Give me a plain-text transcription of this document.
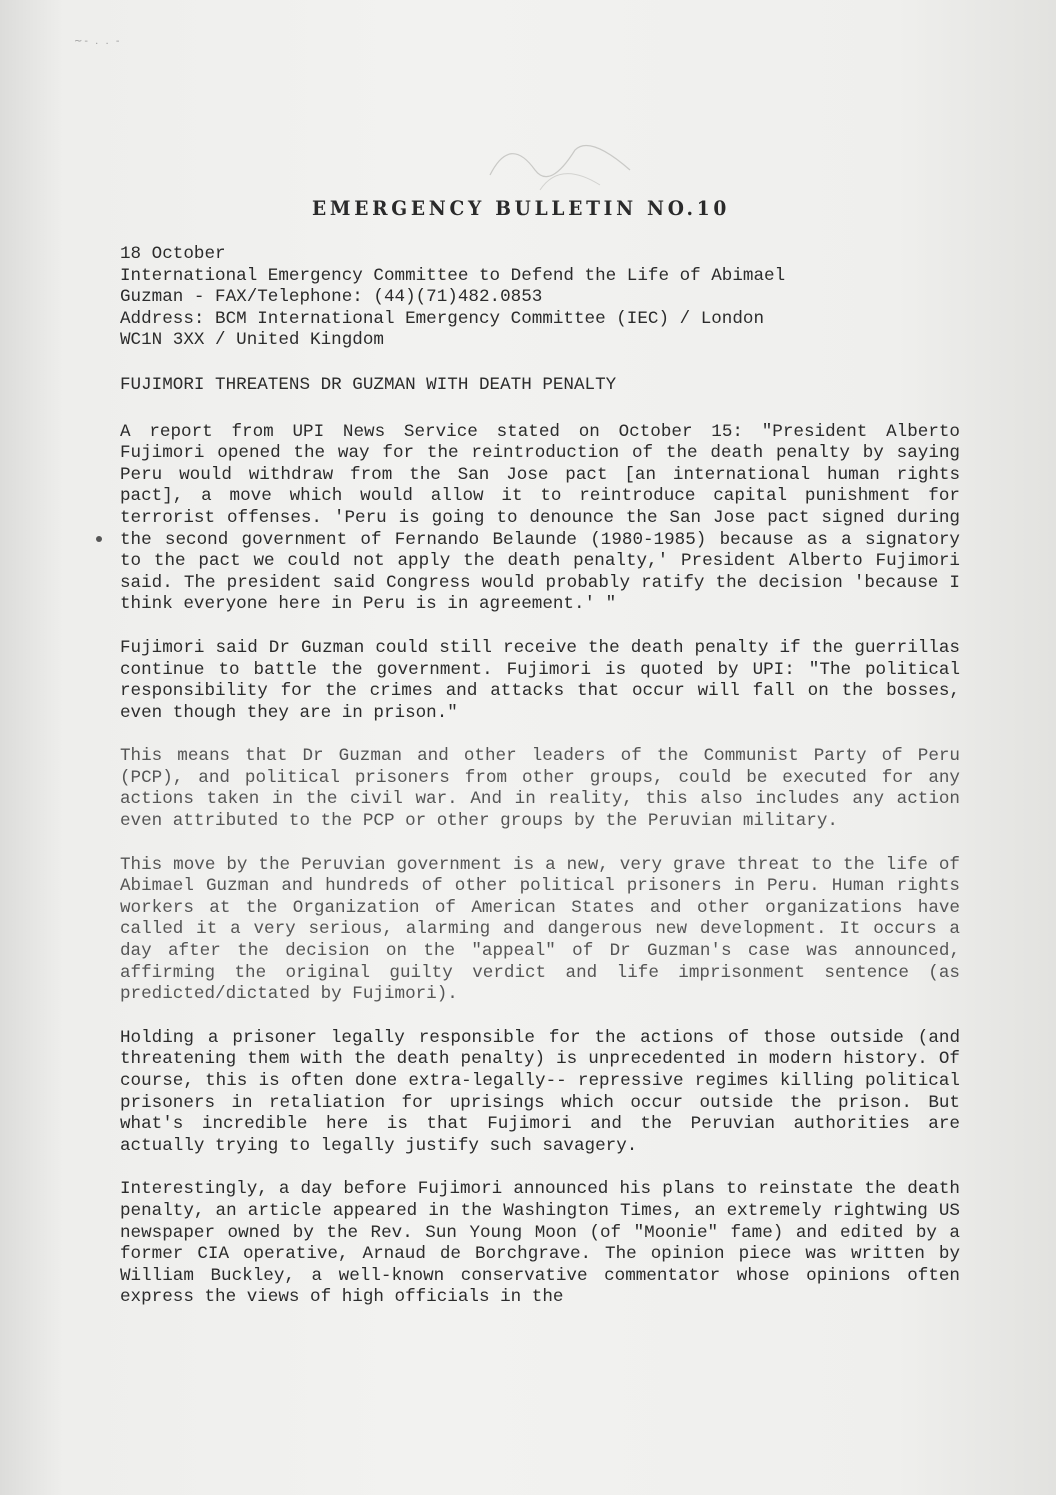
~- . . -
EMERGENCY BULLETIN NO.10
18 October
International Emergency Committee to Defend the Life of Abimael
Guzman - FAX/Telephone: (44)(71)482.0853
Address: BCM International Emergency Committee (IEC) / London
WC1N 3XX / United Kingdom
FUJIMORI THREATENS DR GUZMAN WITH DEATH PENALTY

A report from UPI News Service stated on October 15: "President Alberto Fujimori opened the way for the reintroduction of the death penalty by saying Peru would withdraw from the San Jose pact [an international human rights pact], a move which would allow it to reintroduce capital punishment for terrorist offenses. 'Peru is going to denounce the San Jose pact signed during the second government of Fernando Belaunde (1980-1985) because as a signatory to the pact we could not apply the death penalty,' President Alberto Fujimori said. The president said Congress would probably ratify the decision 'because I think everyone here in Peru is in agreement.' "

Fujimori said Dr Guzman could still receive the death penalty if the guerrillas continue to battle the government. Fujimori is quoted by UPI: "The political responsibility for the crimes and attacks that occur will fall on the bosses, even though they are in prison."

This means that Dr Guzman and other leaders of the Communist Party of Peru (PCP), and political prisoners from other groups, could be executed for any actions taken in the civil war. And in reality, this also includes any action even attributed to the PCP or other groups by the Peruvian military.

This move by the Peruvian government is a new, very grave threat to the life of Abimael Guzman and hundreds of other political prisoners in Peru. Human rights workers at the Organization of American States and other organizations have called it a very serious, alarming and dangerous new development. It occurs a day after the decision on the "appeal" of Dr Guzman's case was announced, affirming the original guilty verdict and life imprisonment sentence (as predicted/dictated by Fujimori).

Holding a prisoner legally responsible for the actions of those outside (and threatening them with the death penalty) is unprecedented in modern history. Of course, this is often done extra-legally-- repressive regimes killing political prisoners in retaliation for uprisings which occur outside the prison. But what's incredible here is that Fujimori and the Peruvian authorities are actually trying to legally justify such savagery.

Interestingly, a day before Fujimori announced his plans to reinstate the death penalty, an article appeared in the Washington Times, an extremely rightwing US newspaper owned by the Rev. Sun Young Moon (of "Moonie" fame) and edited by a former CIA operative, Arnaud de Borchgrave. The opinion piece was written by William Buckley, a well-known conservative commentator whose opinions often express the views of high officials in the
